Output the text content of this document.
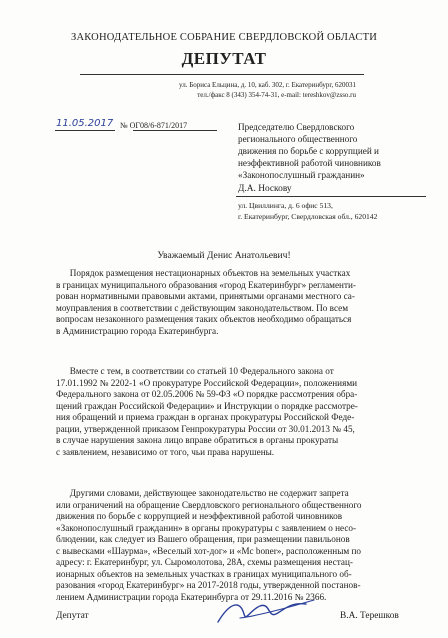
ЗАКОНОДАТЕЛЬНОЕ СОБРАНИЕ СВЕРДЛОВСКОЙ ОБЛАСТИ
ДЕПУТАТ
ул. Бориса Ельцина, д. 10, каб. 302, г. Екатеринбург, 620031
тел./факс 8 (343) 354-74-31, e-mail: tereshkov@zsso.ru
11.05.2017 № ОГ08/6-871/2017	Председателю Свердловского
регионального общественного
движения по борьбе с коррупцией и
неэффективной работой чиновников
«Законопослушный гражданин»
Д.А. Носкову
ул. Цвиллинга, д. 6 офис 513,
г. Екатеринбург, Свердловская обл., 620142
Уважаемый Денис Анатольевич!
Порядок размещения нестационарных объектов на земельных участках
в границах муниципального образования «город Екатеринбург» регламенти-
рован нормативными правовыми актами, принятыми органами местного са-
моуправления в соответствии с действующим законодательством. По всем
вопросам незаконного размещения таких объектов необходимо обращаться
в Администрацию города Екатеринбурга.
Вместе с тем, в соответствии со статьей 10 Федерального закона от
17.01.1992 № 2202-1 «О прокуратуре Российской Федерации», положениями
Федерального закона от 02.05.2006 № 59-ФЗ «О порядке рассмотрения обра-
щений граждан Российской Федерации» и Инструкции о порядке рассмотре-
ния обращений и приема граждан в органах прокуратуры Российской Феде-
рации, утвержденной приказом Генпрокуратуры России от 30.01.2013 № 45,
в случае нарушения закона лицо вправе обратиться в органы прокураты
с заявлением, независимо от того, чьи права нарушены.
Другими словами, действующее законодательство не содержит запрета
или ограничений на обращение Свердловского регионального общественного
движения по борьбе с коррупцией и неэффективной работой чиновников
«Законопослушный гражданин» в органы прокуратуры с заявлением о несо-
блюдении, как следует из Вашего обращения, при размещении павильонов
с вывесками «Шаурма», «Веселый хот-дог» и «Mc boner», расположенным по
адресу: г. Екатеринбург, ул. Сыромолотова, 28А, схемы размещения нестац-
ионарных объектов на земельных участках в границах муниципального об-
разования «город Екатеринбург» на 2017-2018 годы, утвержденной постанов-
лением Администрации города Екатеринбурга от 29.11.2016 № 2366.
Депутат	В.А. Терешков
